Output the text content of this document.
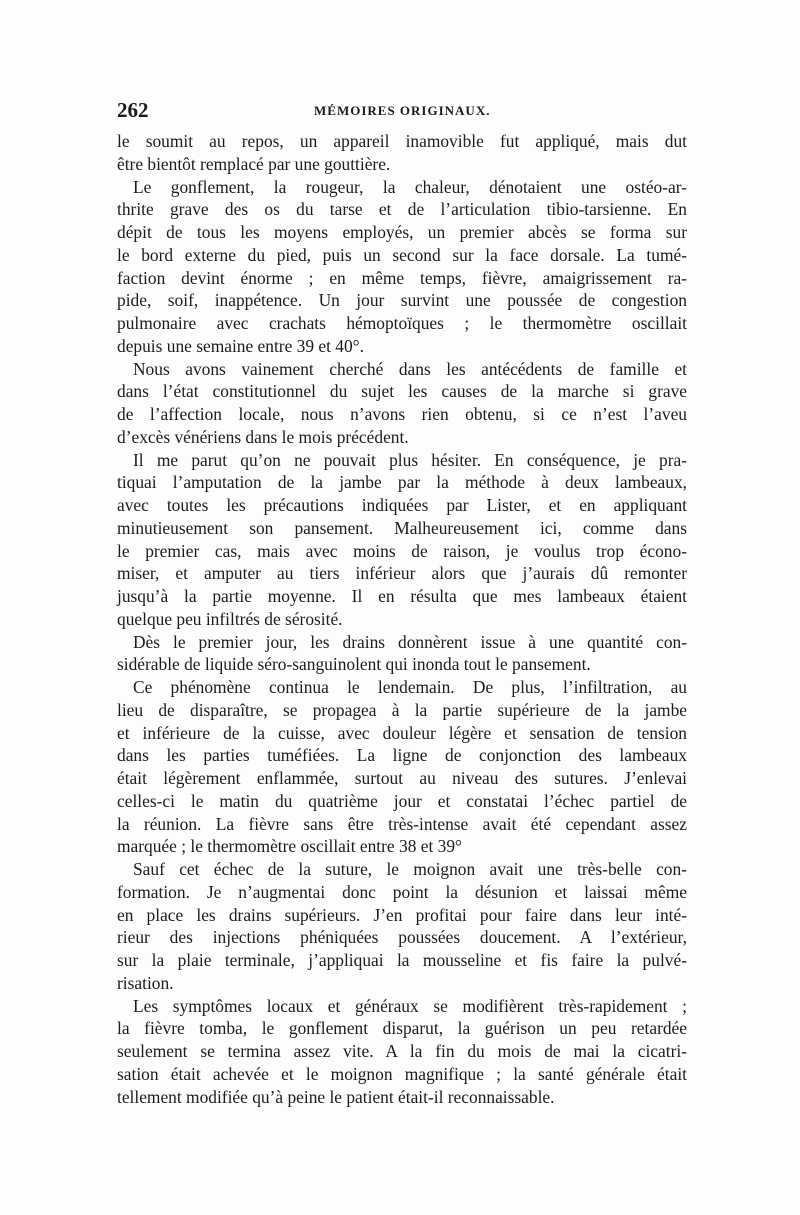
262	MÉMOIRES ORIGINAUX.
le soumit au repos, un appareil inamovible fut appliqué, mais dut
être bientôt remplacé par une gouttière.
Le gonflement, la rougeur, la chaleur, dénotaient une ostéo-ar-
thrite grave des os du tarse et de l’articulation tibio-tarsienne. En
dépit de tous les moyens employés, un premier abcès se forma sur
le bord externe du pied, puis un second sur la face dorsale. La tumé-
faction devint énorme ; en même temps, fièvre, amaigrissement ra-
pide, soif, inappétence. Un jour survint une poussée de congestion
pulmonaire avec crachats hémoptoïques ; le thermomètre oscillait
depuis une semaine entre 39 et 40°.
Nous avons vainement cherché dans les antécédents de famille et
dans l’état constitutionnel du sujet les causes de la marche si grave
de l’affection locale, nous n’avons rien obtenu, si ce n’est l’aveu
d’excès vénériens dans le mois précédent.
Il me parut qu’on ne pouvait plus hésiter. En conséquence, je pra-
tiquai l’amputation de la jambe par la méthode à deux lambeaux,
avec toutes les précautions indiquées par Lister, et en appliquant
minutieusement son pansement. Malheureusement ici, comme dans
le premier cas, mais avec moins de raison, je voulus trop écono-
miser, et amputer au tiers inférieur alors que j’aurais dû remonter
jusqu’à la partie moyenne. Il en résulta que mes lambeaux étaient
quelque peu infiltrés de sérosité.
Dès le premier jour, les drains donnèrent issue à une quantité con-
sidérable de liquide séro-sanguinolent qui inonda tout le pansement.
Ce phénomène continua le lendemain. De plus, l’infiltration, au
lieu de disparaître, se propagea à la partie supérieure de la jambe
et inférieure de la cuisse, avec douleur légère et sensation de tension
dans les parties tuméfiées. La ligne de conjonction des lambeaux
était légèrement enflammée, surtout au niveau des sutures. J’enlevai
celles-ci le matin du quatrième jour et constatai l’échec partiel de
la réunion. La fièvre sans être très-intense avait été cependant assez
marquée ; le thermomètre oscillait entre 38 et 39°
Sauf cet échec de la suture, le moignon avait une très-belle con-
formation. Je n’augmentai donc point la désunion et laissai même
en place les drains supérieurs. J’en profitai pour faire dans leur inté-
rieur des injections phéniquées poussées doucement. A l’extérieur,
sur la plaie terminale, j’appliquai la mousseline et fis faire la pulvé-
risation.
Les symptômes locaux et généraux se modifièrent très-rapidement ;
la fièvre tomba, le gonflement disparut, la guérison un peu retardée
seulement se termina assez vite. A la fin du mois de mai la cicatri-
sation était achevée et le moignon magnifique ; la santé générale était
tellement modifiée qu’à peine le patient était-il reconnaissable.
